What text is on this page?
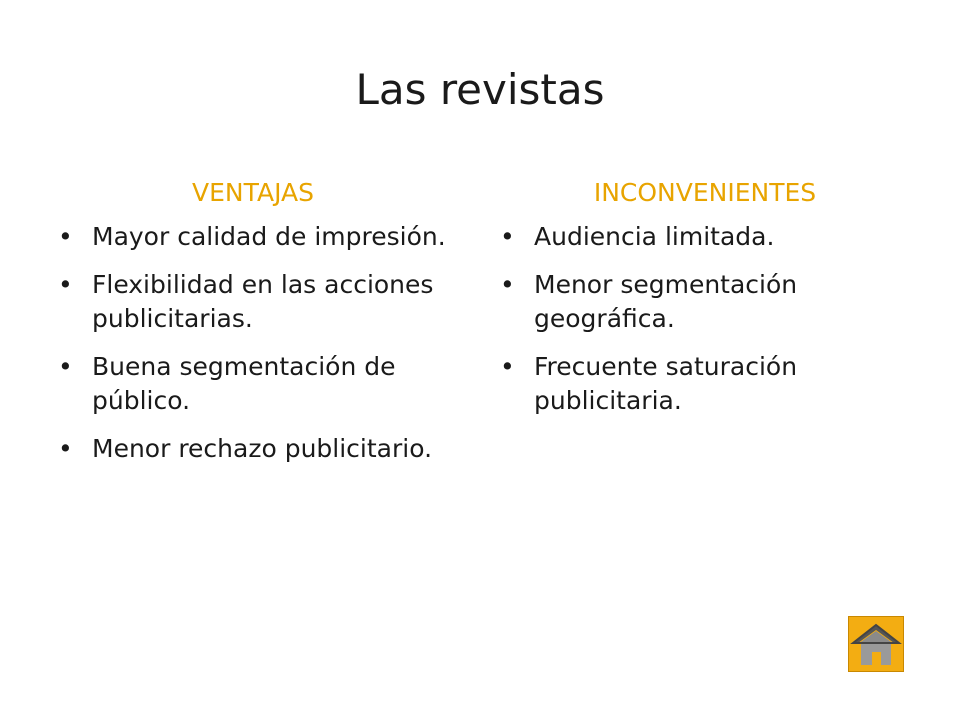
Las revistas
VENTAJAS
• Mayor calidad de impresión.
• Flexibilidad en las acciones publicitarias.
• Buena segmentación de público.
• Menor rechazo publicitario.
INCONVENIENTES
• Audiencia limitada.
• Menor segmentación geográfica.
• Frecuente saturación publicitaria.
